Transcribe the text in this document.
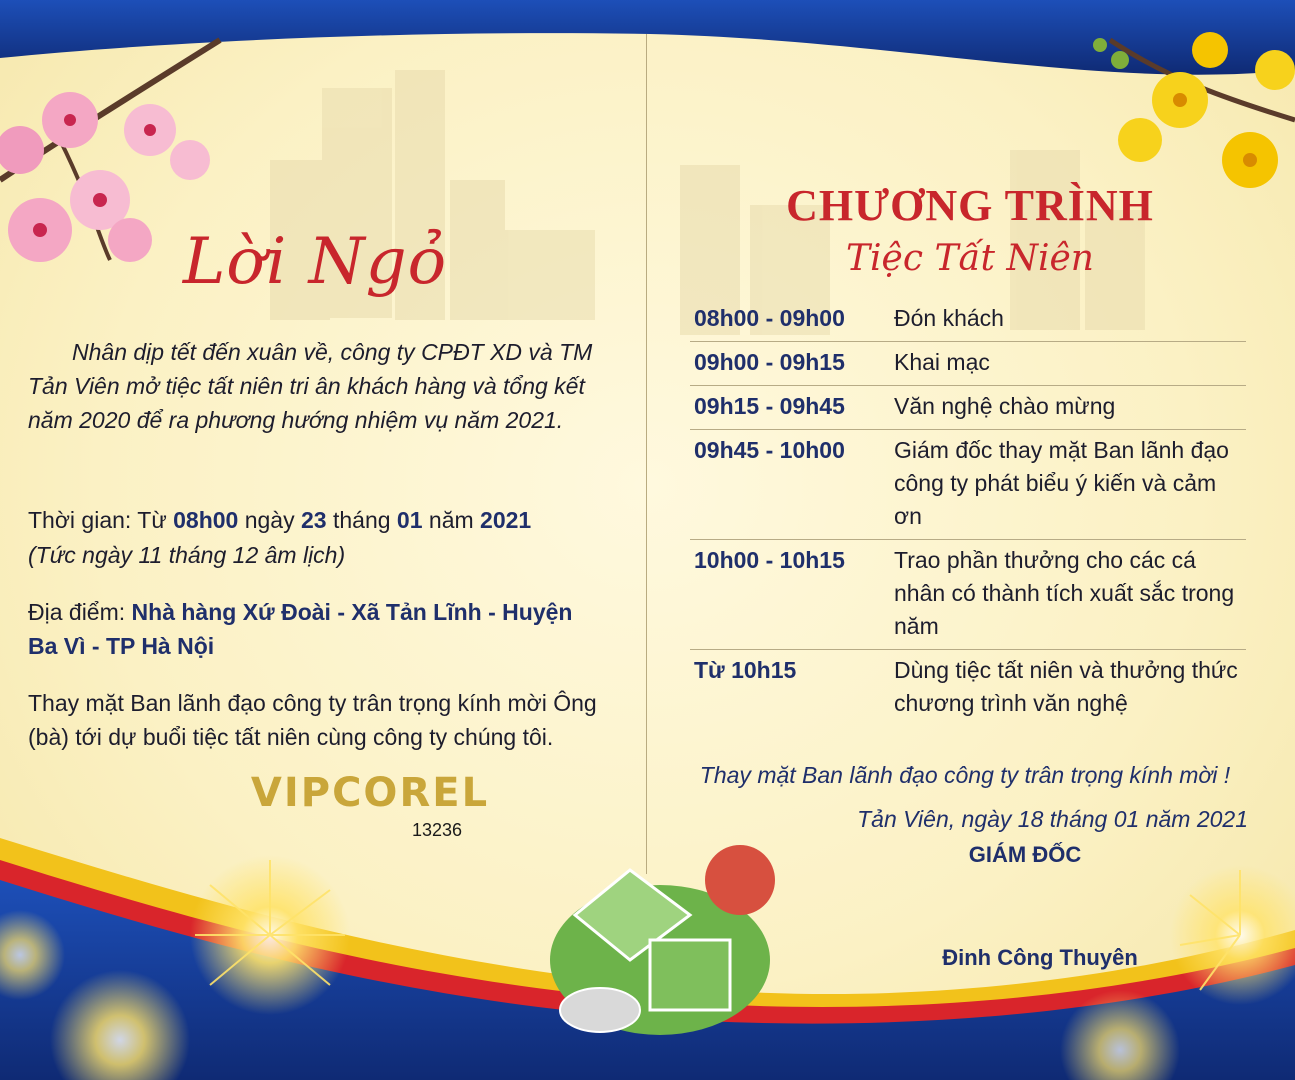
Lời Ngỏ
Nhân dịp tết đến xuân về, công ty CPĐT XD và TM Tản Viên mở tiệc tất niên tri ân khách hàng và tổng kết năm 2020 để ra phương hướng nhiệm vụ năm 2021.
Thời gian: Từ 08h00 ngày 23 tháng 01 năm 2021
(Tức ngày 11 tháng 12 âm lịch)
Địa điểm: Nhà hàng Xứ Đoài - Xã Tản Lĩnh - Huyện Ba Vì - TP Hà Nội
Thay mặt Ban lãnh đạo công ty trân trọng kính mời Ông (bà) tới dự buổi tiệc tất niên cùng công ty chúng tôi.
VIPCOREL
13236
CHƯƠNG TRÌNH
Tiệc Tất Niên
08h00 - 09h00	Đón khách
09h00 - 09h15	Khai mạc
09h15 - 09h45	Văn nghệ chào mừng
09h45 - 10h00	Giám đốc thay mặt Ban lãnh đạo công ty phát biểu ý kiến và cảm ơn
10h00 - 10h15	Trao phần thưởng cho các cá nhân có thành tích xuất sắc trong năm
Từ 10h15	Dùng tiệc tất niên và thưởng thức chương trình văn nghệ
Thay mặt Ban lãnh đạo công ty trân trọng kính mời !
Tản Viên, ngày 18 tháng 01 năm 2021
GIÁM ĐỐC
Đinh Công Thuyên
